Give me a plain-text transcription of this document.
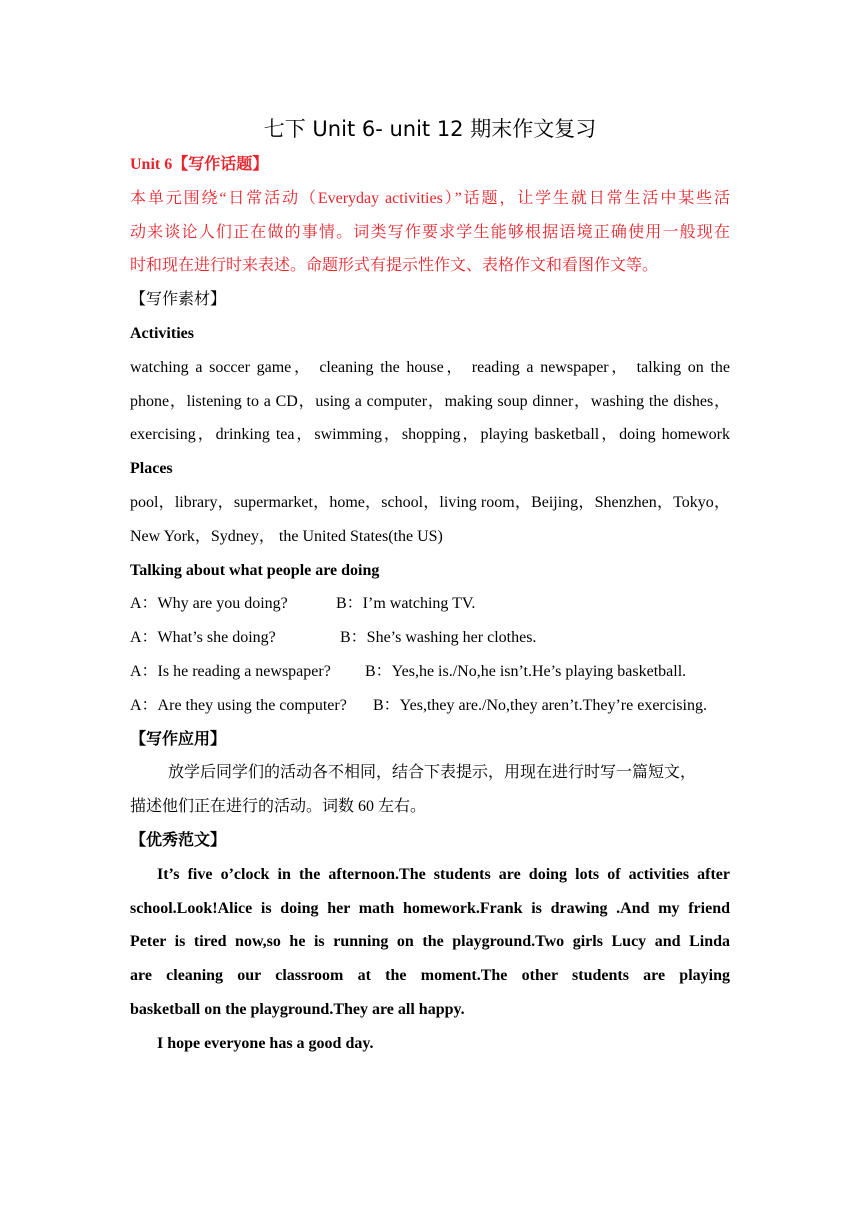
七下 Unit 6- unit 12 期末作文复习
Unit 6【写作话题】
本单元围绕“日常活动（Everyday activities）”话题，让学生就日常生活中某些活
动来谈论人们正在做的事情。词类写作要求学生能够根据语境正确使用一般现在
时和现在进行时来表述。命题形式有提示性作文、表格作文和看图作文等。
【写作素材】
Activities
watching a soccer game， cleaning the house， reading a newspaper， talking on the
phone，listening to a CD，using a computer，making soup dinner，washing the dishes，
exercising，drinking tea，swimming，shopping，playing basketball，doing homework
Places
pool，library，supermarket，home，school，living room，Beijing，Shenzhen，Tokyo，
New York，Sydney， the United States(the US)
Talking about what people are doing
A：Why are you doing?	B：I’m watching TV.
A：What’s she doing?	B：She’s washing her clothes.
A：Is he reading a newspaper?	B：Yes,he is./No,he isn’t.He’s playing basketball.
A：Are they using the computer?	B：Yes,they are./No,they aren’t.They’re exercising.
【写作应用】
放学后同学们的活动各不相同，结合下表提示，用现在进行时写一篇短文，
描述他们正在进行的活动。词数 60 左右。
【优秀范文】
It’s five o’clock in the afternoon.The students are doing lots of activities after
school.Look!Alice is doing her math homework.Frank is drawing .And my friend
Peter is tired now,so he is running on the playground.Two girls Lucy and Linda
are cleaning our classroom at the moment.The other students are playing
basketball on the playground.They are all happy.
I hope everyone has a good day.
